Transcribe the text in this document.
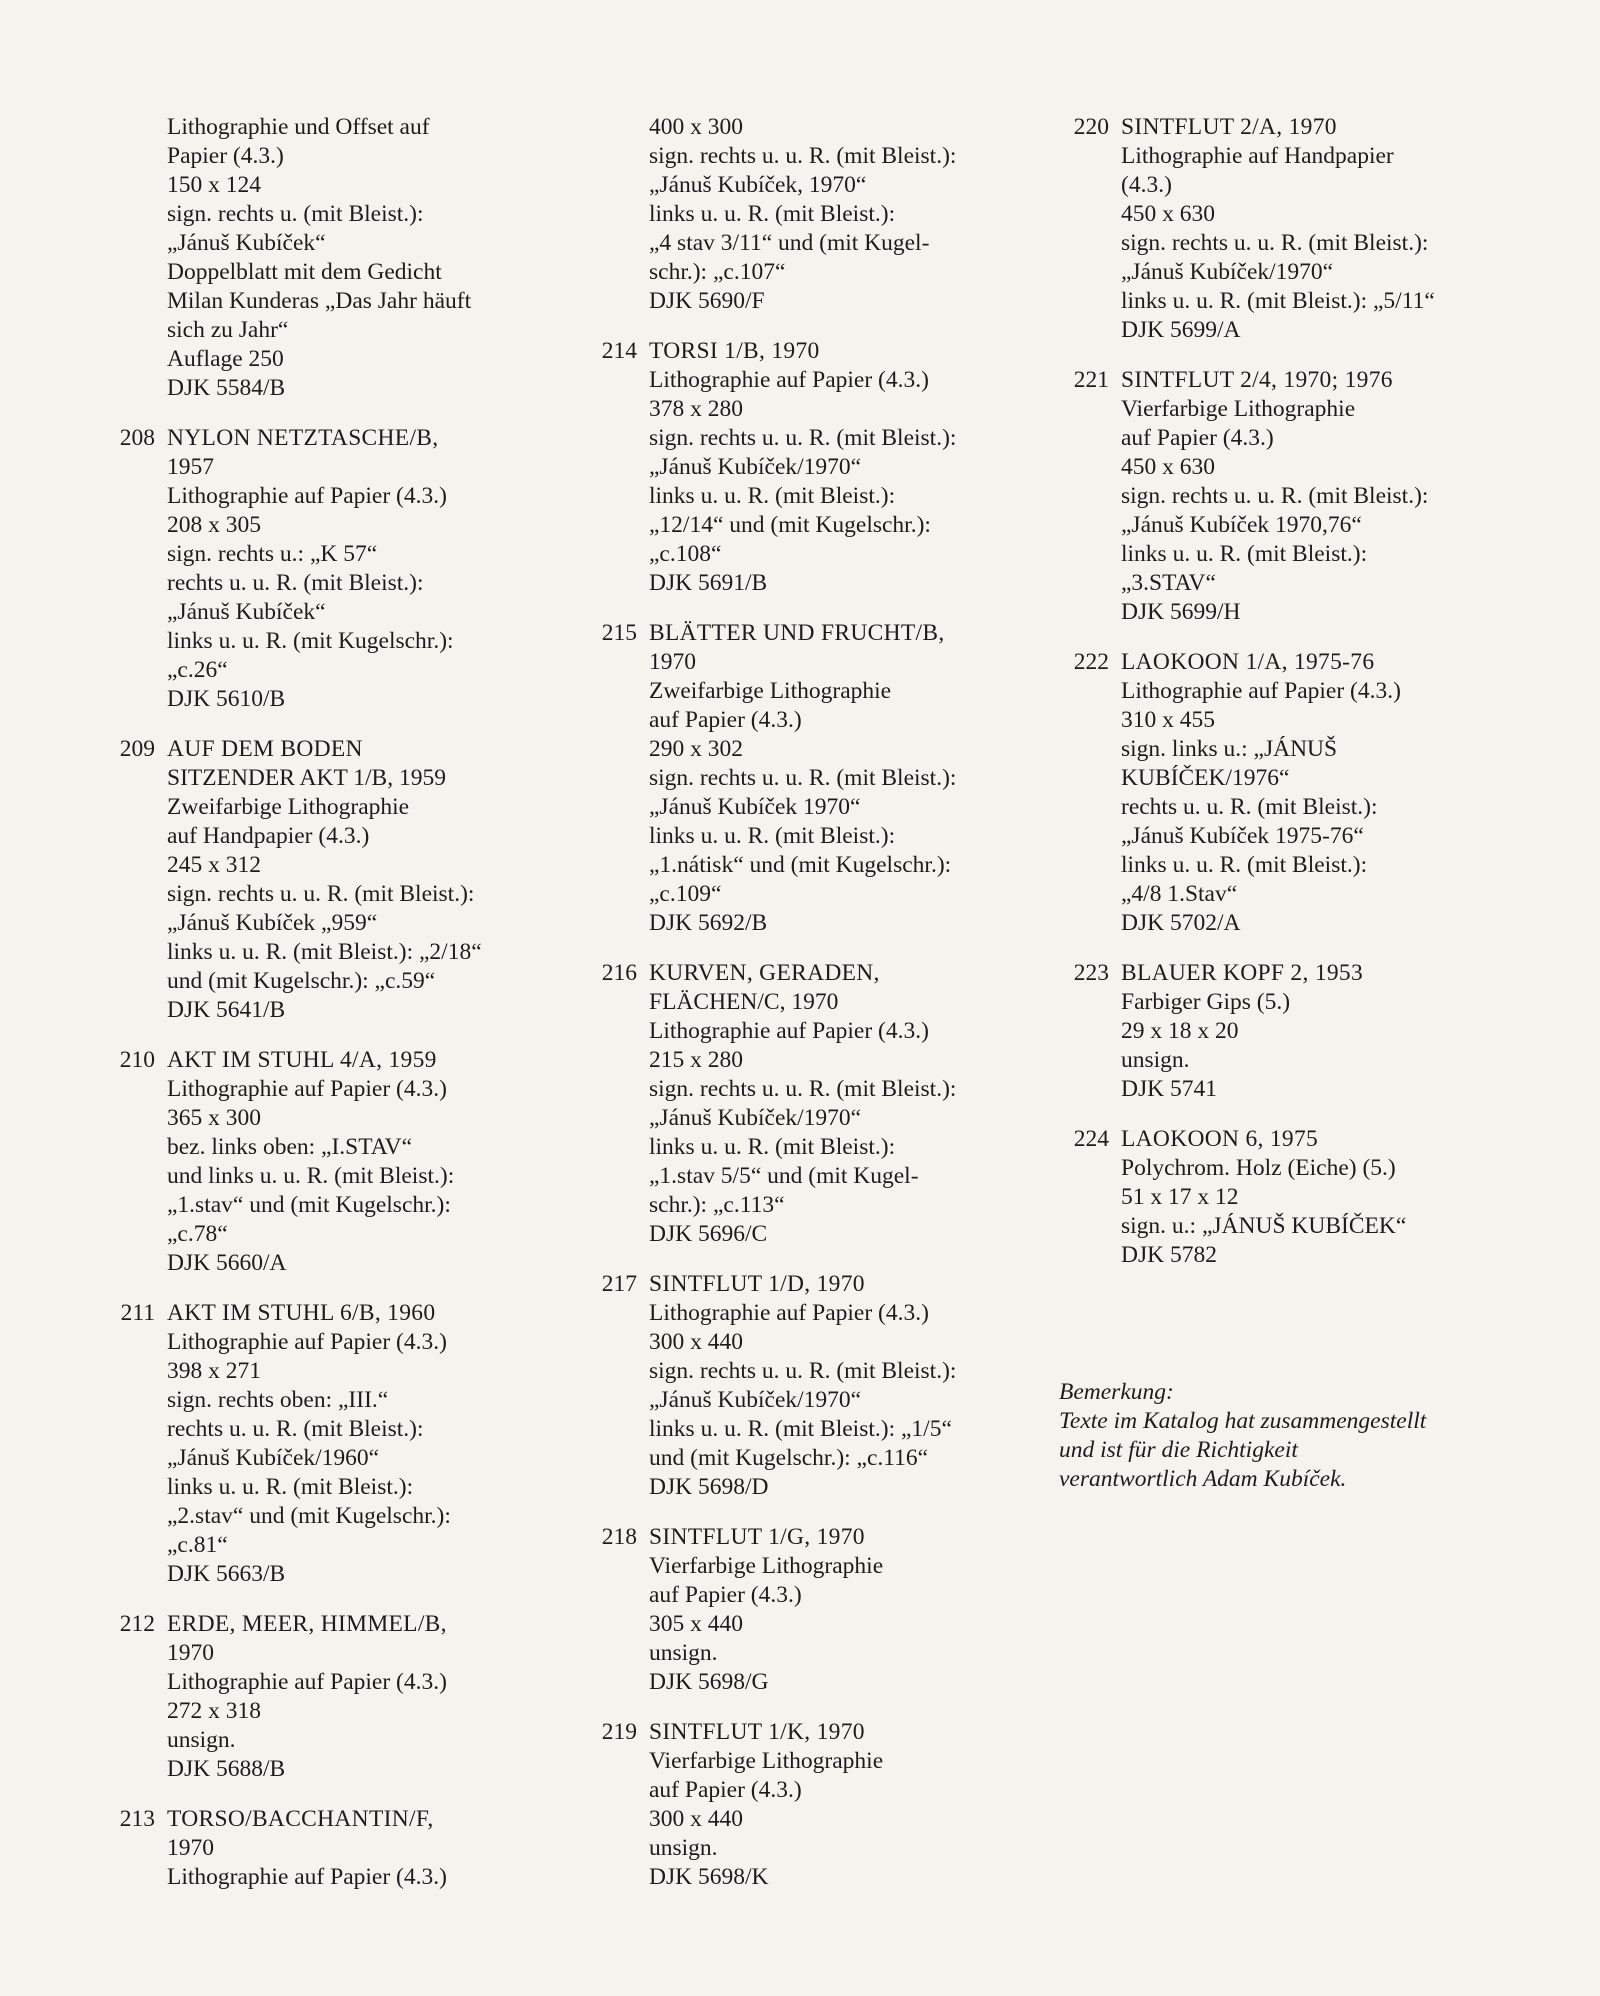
Lithographie und Offset auf
Papier (4.3.)
150 x 124
sign. rechts u. (mit Bleist.):
„Jánuš Kubíček“
Doppelblatt mit dem Gedicht
Milan Kunderas „Das Jahr häuft
sich zu Jahr“
Auflage 250
DJK 5584/B
208 NYLON NETZTASCHE/B,
1957
Lithographie auf Papier (4.3.)
208 x 305
sign. rechts u.: „K 57“
rechts u. u. R. (mit Bleist.):
„Jánuš Kubíček“
links u. u. R. (mit Kugelschr.):
„c.26“
DJK 5610/B
209 AUF DEM BODEN
SITZENDER AKT 1/B, 1959
Zweifarbige Lithographie
auf Handpapier (4.3.)
245 x 312
sign. rechts u. u. R. (mit Bleist.):
„Jánuš Kubíček „959“
links u. u. R. (mit Bleist.): „2/18“
und (mit Kugelschr.): „c.59“
DJK 5641/B
210 AKT IM STUHL 4/A, 1959
Lithographie auf Papier (4.3.)
365 x 300
bez. links oben: „I.STAV“
und links u. u. R. (mit Bleist.):
„1.stav“ und (mit Kugelschr.):
„c.78“
DJK 5660/A
211 AKT IM STUHL 6/B, 1960
Lithographie auf Papier (4.3.)
398 x 271
sign. rechts oben: „III.“
rechts u. u. R. (mit Bleist.):
„Jánuš Kubíček/1960“
links u. u. R. (mit Bleist.):
„2.stav“ und (mit Kugelschr.):
„c.81“
DJK 5663/B
212 ERDE, MEER, HIMMEL/B,
1970
Lithographie auf Papier (4.3.)
272 x 318
unsign.
DJK 5688/B
213 TORSO/BACCHANTIN/F,
1970
Lithographie auf Papier (4.3.)
400 x 300
sign. rechts u. u. R. (mit Bleist.):
„Jánuš Kubíček, 1970“
links u. u. R. (mit Bleist.):
„4 stav 3/11“ und (mit Kugel-
schr.): „c.107“
DJK 5690/F
214 TORSI 1/B, 1970
Lithographie auf Papier (4.3.)
378 x 280
sign. rechts u. u. R. (mit Bleist.):
„Jánuš Kubíček/1970“
links u. u. R. (mit Bleist.):
„12/14“ und (mit Kugelschr.):
„c.108“
DJK 5691/B
215 BLÄTTER UND FRUCHT/B,
1970
Zweifarbige Lithographie
auf Papier (4.3.)
290 x 302
sign. rechts u. u. R. (mit Bleist.):
„Jánuš Kubíček 1970“
links u. u. R. (mit Bleist.):
„1.nátisk“ und (mit Kugelschr.):
„c.109“
DJK 5692/B
216 KURVEN, GERADEN,
FLÄCHEN/C, 1970
Lithographie auf Papier (4.3.)
215 x 280
sign. rechts u. u. R. (mit Bleist.):
„Jánuš Kubíček/1970“
links u. u. R. (mit Bleist.):
„1.stav 5/5“ und (mit Kugel-
schr.): „c.113“
DJK 5696/C
217 SINTFLUT 1/D, 1970
Lithographie auf Papier (4.3.)
300 x 440
sign. rechts u. u. R. (mit Bleist.):
„Jánuš Kubíček/1970“
links u. u. R. (mit Bleist.): „1/5“
und (mit Kugelschr.): „c.116“
DJK 5698/D
218 SINTFLUT 1/G, 1970
Vierfarbige Lithographie
auf Papier (4.3.)
305 x 440
unsign.
DJK 5698/G
219 SINTFLUT 1/K, 1970
Vierfarbige Lithographie
auf Papier (4.3.)
300 x 440
unsign.
DJK 5698/K
220 SINTFLUT 2/A, 1970
Lithographie auf Handpapier
(4.3.)
450 x 630
sign. rechts u. u. R. (mit Bleist.):
„Jánuš Kubíček/1970“
links u. u. R. (mit Bleist.): „5/11“
DJK 5699/A
221 SINTFLUT 2/4, 1970; 1976
Vierfarbige Lithographie
auf Papier (4.3.)
450 x 630
sign. rechts u. u. R. (mit Bleist.):
„Jánuš Kubíček 1970,76“
links u. u. R. (mit Bleist.):
„3.STAV“
DJK 5699/H
222 LAOKOON 1/A, 1975-76
Lithographie auf Papier (4.3.)
310 x 455
sign. links u.: „JÁNUŠ
KUBÍČEK/1976“
rechts u. u. R. (mit Bleist.):
„Jánuš Kubíček 1975-76“
links u. u. R. (mit Bleist.):
„4/8 1.Stav“
DJK 5702/A
223 BLAUER KOPF 2, 1953
Farbiger Gips (5.)
29 x 18 x 20
unsign.
DJK 5741
224 LAOKOON 6, 1975
Polychrom. Holz (Eiche) (5.)
51 x 17 x 12
sign. u.: „JÁNUŠ KUBÍČEK“
DJK 5782
Bemerkung:
Texte im Katalog hat zusammengestellt
und ist für die Richtigkeit
verantwortlich Adam Kubíček.
